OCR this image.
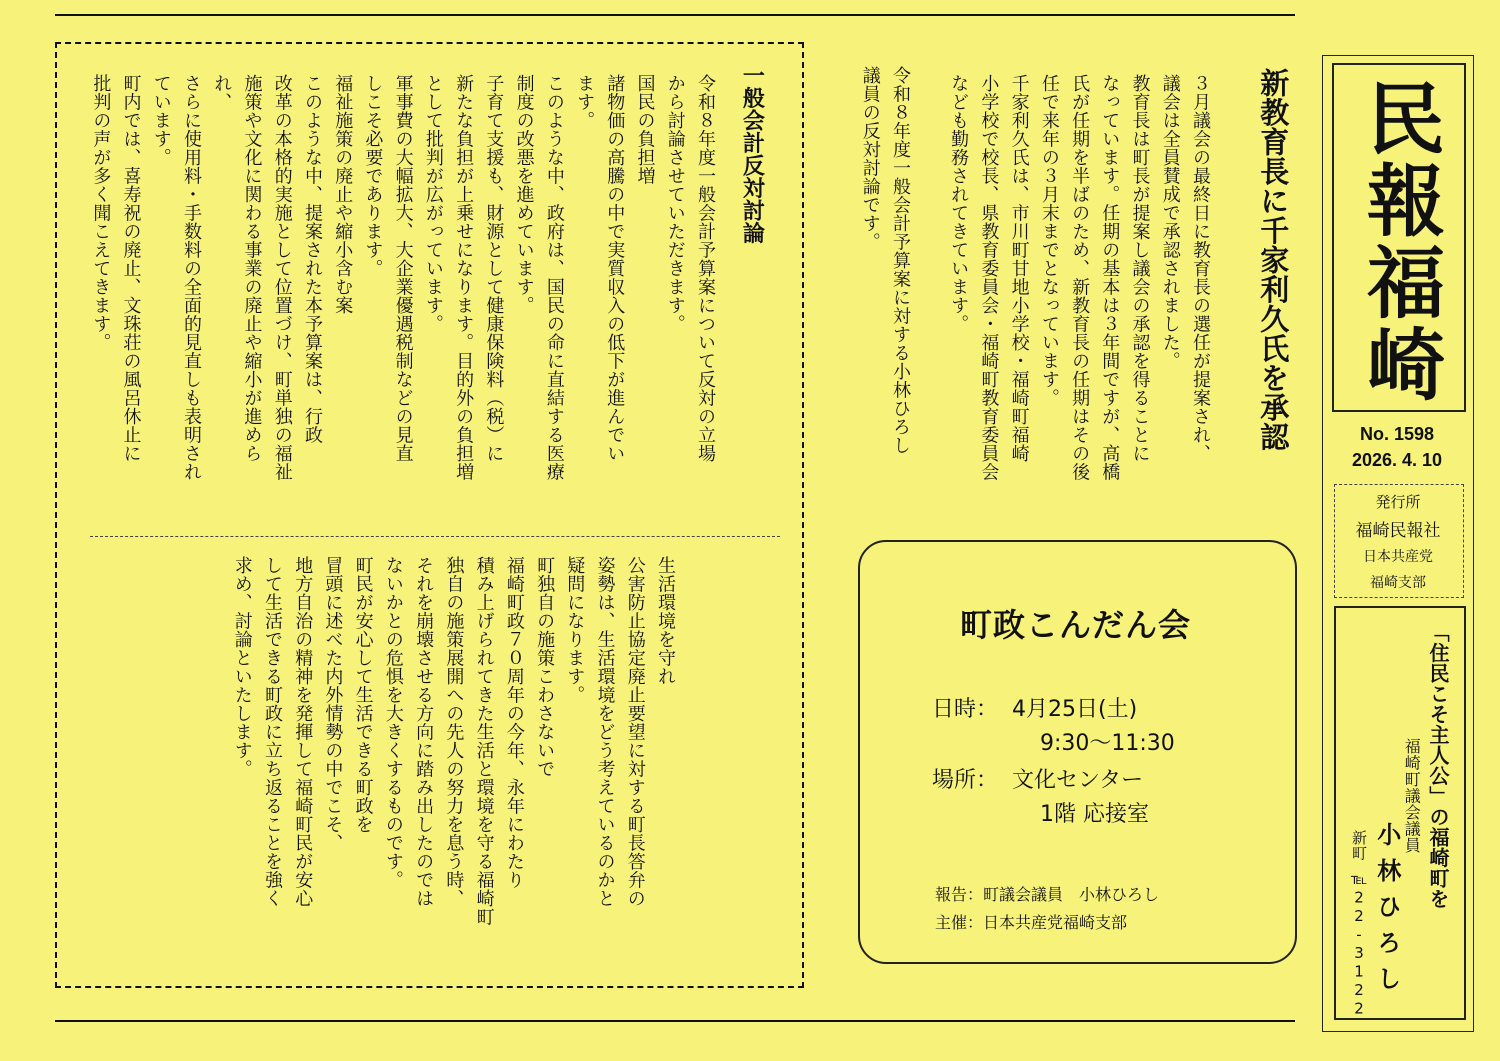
民報福崎
No. 1598
2026. 4. 10
発行所
福崎民報社
日本共産党
福崎支部
「住民こそ主人公」の福崎町を
福崎町議会議員
小林ひろし
新町
℡22-3122
新教育長に千家利久氏を承認
３月議会の最終日に教育長の選任が提案され、
議会は全員賛成で承認されました。
教育長は町長が提案し議会の承認を得ることに
なっています。任期の基本は３年間ですが、高橋
氏が任期を半ばのため、新教育長の任期はその後
任で来年の３月末までとなっています。
千家利久氏は、市川町甘地小学校・福崎町福崎
小学校で校長、県教育委員会・福崎町教育委員会
なども勤務されてきています。
令和８年度一般会計予算案に対する小林ひろし
議員の反対討論です。
一般会計反対討論
令和８年度一般会計予算案について反対の立場
から討論させていただきます。
国民の負担増
諸物価の高騰の中で実質収入の低下が進んでい
ます。
このような中、政府は、国民の命に直結する医療
制度の改悪を進めています。
子育て支援も、財源として健康保険料（税）に
新たな負担が上乗せになります。目的外の負担増
として批判が広がっています。
軍事費の大幅拡大、大企業優遇税制などの見直
しこそ必要であります。
福祉施策の廃止や縮小含む案
このような中、提案された本予算案は、行政
改革の本格的実施として位置づけ、町単独の福祉
施策や文化に関わる事業の廃止や縮小が進められ、
さらに使用料・手数料の全面的見直しも表明され
ています。
町内では、喜寿祝の廃止、文珠荘の風呂休止に
批判の声が多く聞こえてきます。
生活環境を守れ
公害防止協定廃止要望に対する町長答弁の
姿勢は、生活環境をどう考えているのかと
疑問になります。
町独自の施策こわさないで
福崎町政７０周年の今年、永年にわたり
積み上げられてきた生活と環境を守る福崎町
独自の施策展開への先人の努力を息う時、
それを崩壊させる方向に踏み出したのでは
ないかとの危惧を大きくするものです。
町民が安心して生活できる町政を
冒頭に述べた内外情勢の中でこそ、
地方自治の精神を発揮して福崎町民が安心
して生活できる町政に立ち返ることを強く
求め、討論といたします。	町政こんだん会
日時： 4月25日(土)
9:30～11:30
場所： 文化センター
1階 応接室
報告：町議会議員　小林ひろし
主催：日本共産党福崎支部
